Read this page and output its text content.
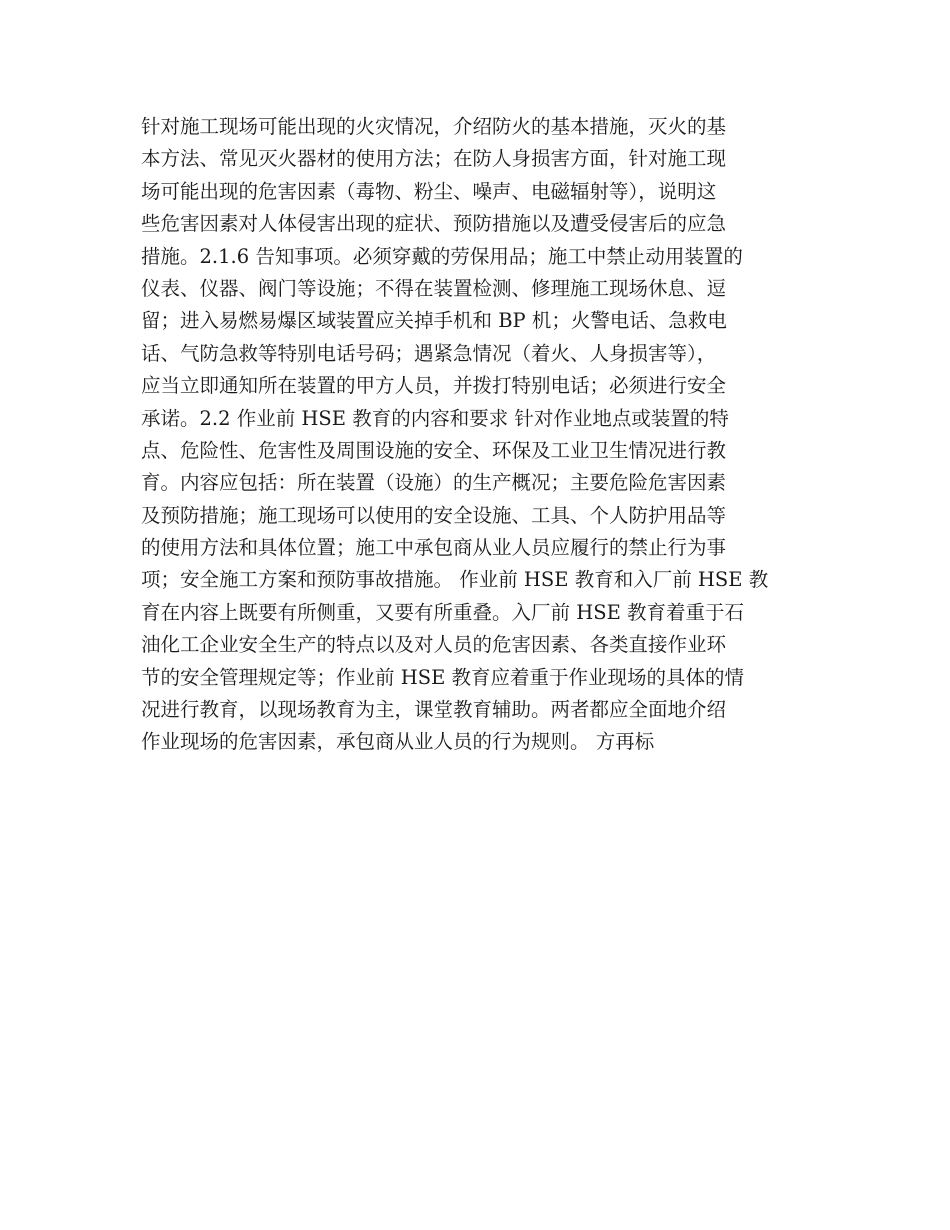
针对施工现场可能出现的火灾情况，介绍防火的基本措施，灭火的基
本方法、常见灭火器材的使用方法；在防人身损害方面，针对施工现
场可能出现的危害因素（毒物、粉尘、噪声、电磁辐射等），说明这
些危害因素对人体侵害出现的症状、预防措施以及遭受侵害后的应急
措施。2.1.6 告知事项。必须穿戴的劳保用品；施工中禁止动用装置的
仪表、仪器、阀门等设施；不得在装置检测、修理施工现场休息、逗
留；进入易燃易爆区域装置应关掉手机和 BP 机；火警电话、急救电
话、气防急救等特别电话号码；遇紧急情况（着火、人身损害等），
应当立即通知所在装置的甲方人员，并拨打特别电话；必须进行安全
承诺。2.2 作业前 HSE 教育的内容和要求 针对作业地点或装置的特
点、危险性、危害性及周围设施的安全、环保及工业卫生情况进行教
育。内容应包括：所在装置（设施）的生产概况；主要危险危害因素
及预防措施；施工现场可以使用的安全设施、工具、个人防护用品等
的使用方法和具体位置；施工中承包商从业人员应履行的禁止行为事
项；安全施工方案和预防事故措施。 作业前 HSE 教育和入厂前 HSE 教
育在内容上既要有所侧重，又要有所重叠。入厂前 HSE 教育着重于石
油化工企业安全生产的特点以及对人员的危害因素、各类直接作业环
节的安全管理规定等；作业前 HSE 教育应着重于作业现场的具体的情
况进行教育，以现场教育为主，课堂教育辅助。两者都应全面地介绍
作业现场的危害因素，承包商从业人员的行为规则。 方再标
